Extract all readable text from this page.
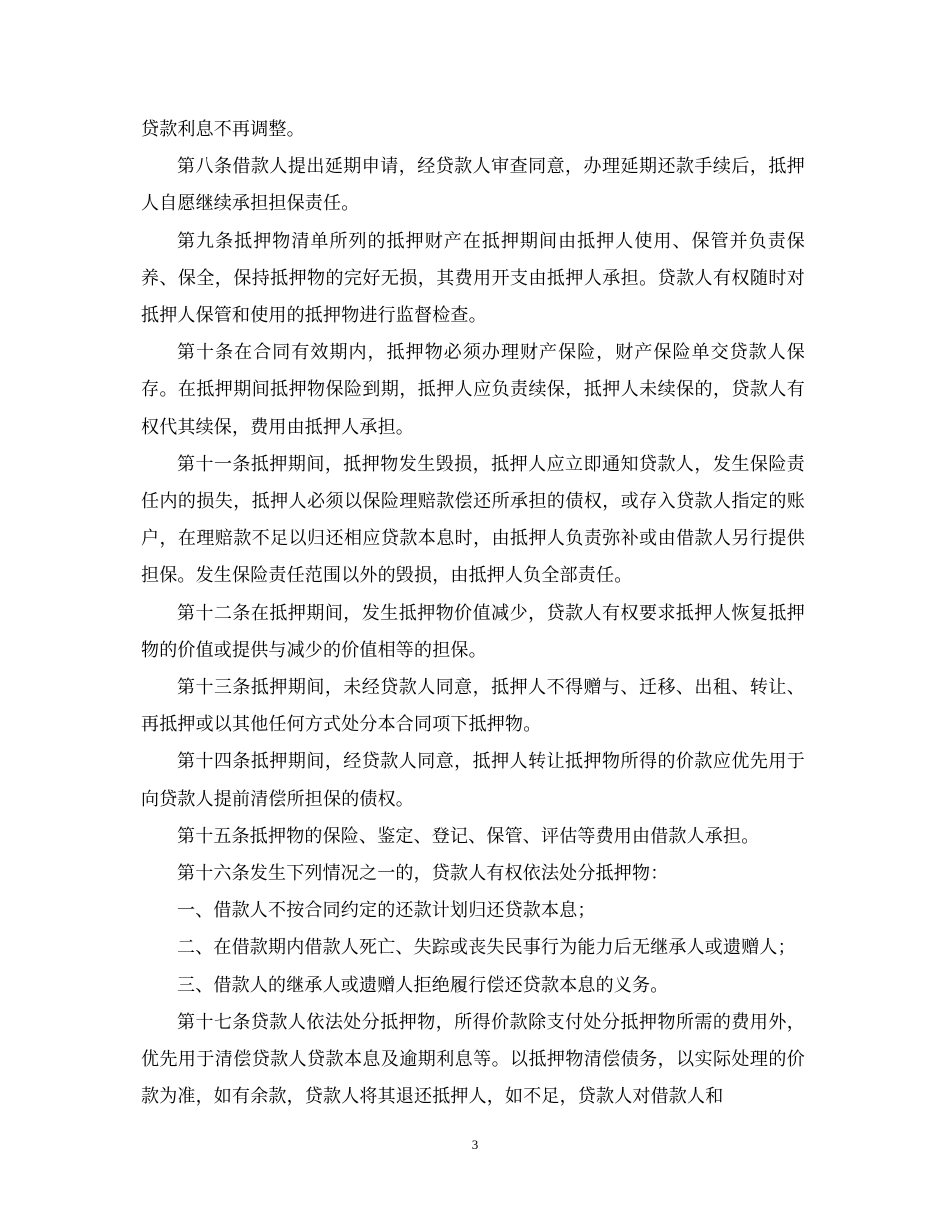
贷款利息不再调整。

第八条借款人提出延期申请，经贷款人审查同意，办理延期还款手续后，抵押人自愿继续承担担保责任。

第九条抵押物清单所列的抵押财产在抵押期间由抵押人使用、保管并负责保养、保全，保持抵押物的完好无损，其费用开支由抵押人承担。贷款人有权随时对抵押人保管和使用的抵押物进行监督检查。

第十条在合同有效期内，抵押物必须办理财产保险，财产保险单交贷款人保存。在抵押期间抵押物保险到期，抵押人应负责续保，抵押人未续保的，贷款人有权代其续保，费用由抵押人承担。

第十一条抵押期间，抵押物发生毁损，抵押人应立即通知贷款人，发生保险责任内的损失，抵押人必须以保险理赔款偿还所承担的债权，或存入贷款人指定的账户，在理赔款不足以归还相应贷款本息时，由抵押人负责弥补或由借款人另行提供担保。发生保险责任范围以外的毁损，由抵押人负全部责任。

第十二条在抵押期间，发生抵押物价值减少，贷款人有权要求抵押人恢复抵押物的价值或提供与减少的价值相等的担保。

第十三条抵押期间，未经贷款人同意，抵押人不得赠与、迁移、出租、转让、再抵押或以其他任何方式处分本合同项下抵押物。

第十四条抵押期间，经贷款人同意，抵押人转让抵押物所得的价款应优先用于向贷款人提前清偿所担保的债权。

第十五条抵押物的保险、鉴定、登记、保管、评估等费用由借款人承担。

第十六条发生下列情况之一的，贷款人有权依法处分抵押物：

一、借款人不按合同约定的还款计划归还贷款本息；

二、在借款期内借款人死亡、失踪或丧失民事行为能力后无继承人或遗赠人；

三、借款人的继承人或遗赠人拒绝履行偿还贷款本息的义务。

第十七条贷款人依法处分抵押物，所得价款除支付处分抵押物所需的费用外，优先用于清偿贷款人贷款本息及逾期利息等。以抵押物清偿债务，以实际处理的价款为准，如有余款，贷款人将其退还抵押人，如不足，贷款人对借款人和

3
